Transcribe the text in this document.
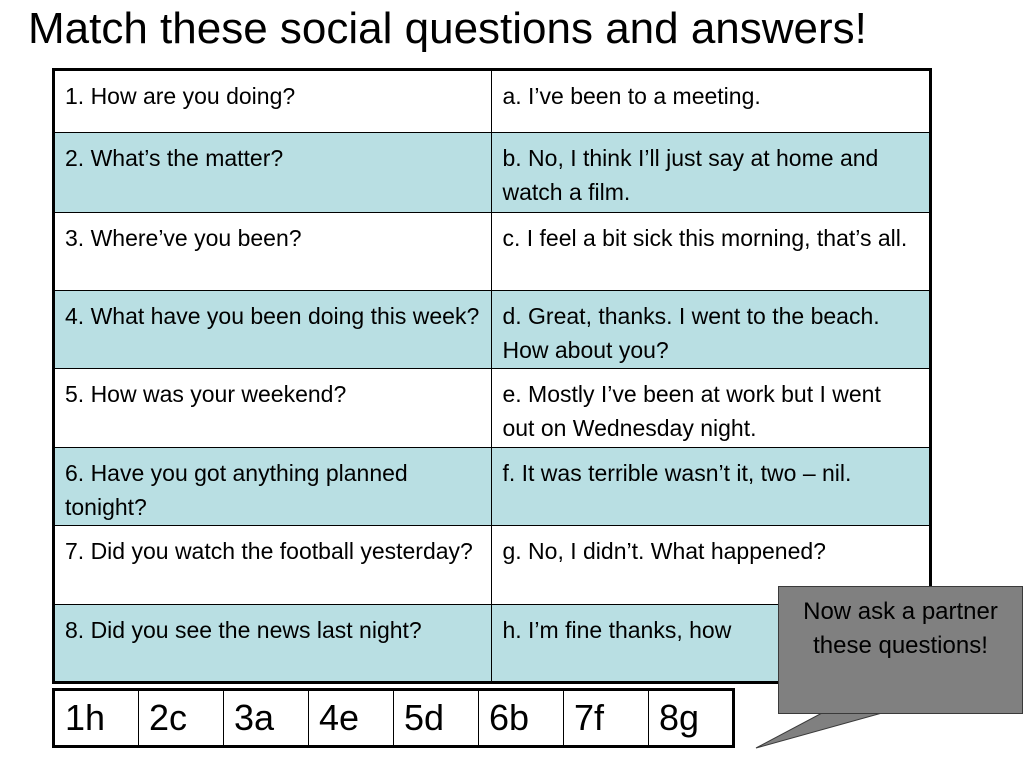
Match these social questions and answers!
1. How are you doing?	a. I’ve been to a meeting.
2. What’s the matter?	b. No, I think I’ll just say at home and watch a film.
3. Where’ve you been?	c. I feel a bit sick this morning, that’s all.
4. What have you been doing this week?	d. Great, thanks. I went to the beach. How about you?
5. How was your weekend?	e. Mostly I’ve been at work but I went out on Wednesday night.
6. Have you got anything planned tonight?	f. It was terrible wasn’t it, two – nil.
7. Did you watch the football yesterday?	g. No, I didn’t. What happened?
8. Did you see the news last night?	h. I’m fine thanks, how
1h	2c	3a	4e	5d	6b	7f	8g
Now ask a partner these questions!
